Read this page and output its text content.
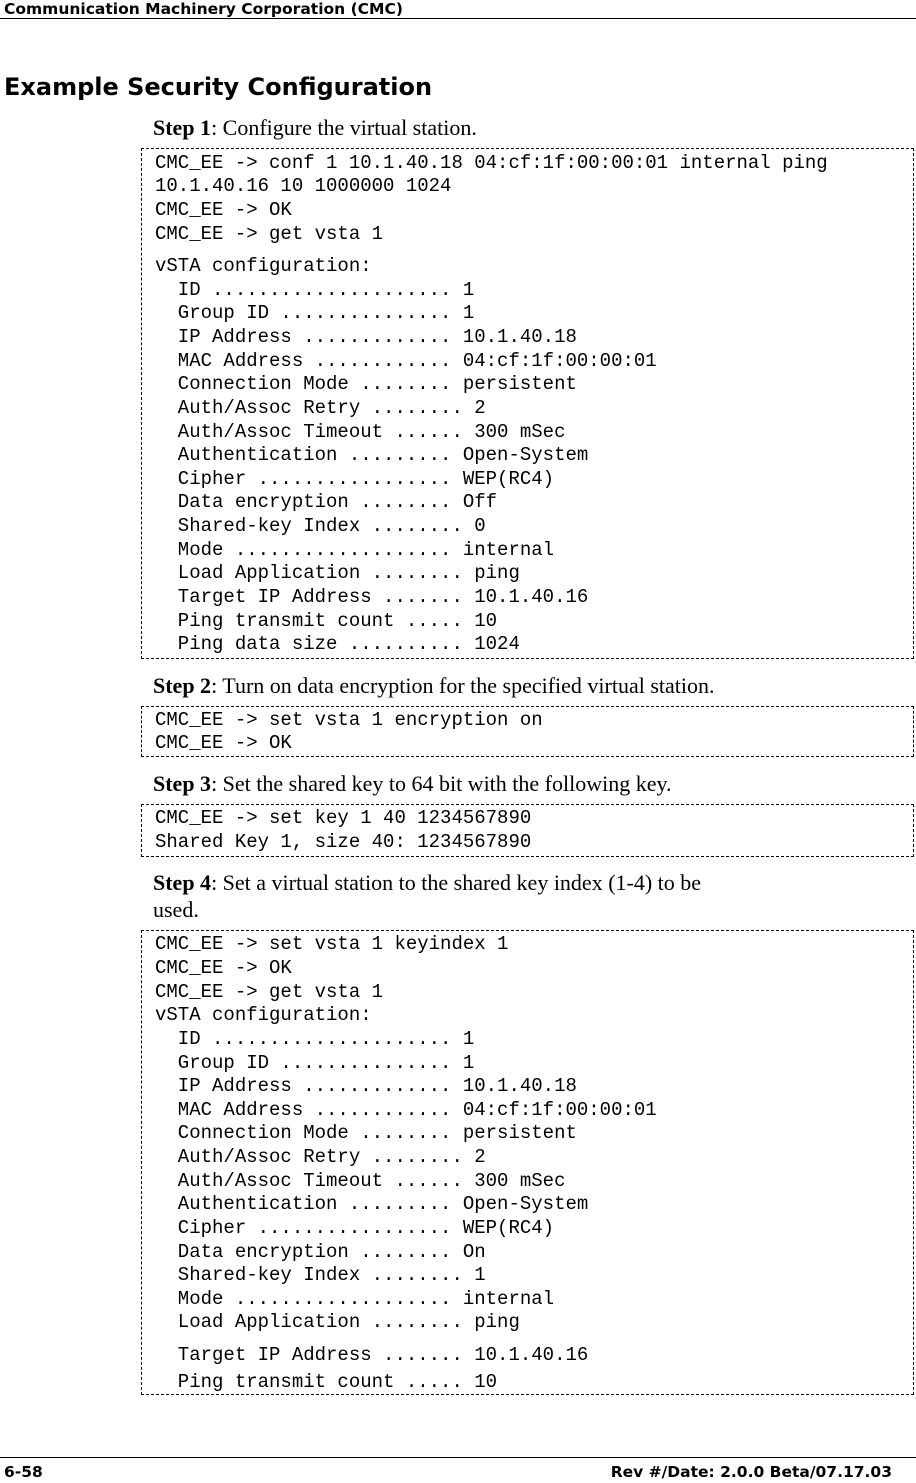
Communication Machinery Corporation (CMC)
Example Security Configuration
Step 1: Configure the virtual station.
CMC_EE -> conf 1 10.1.40.18 04:cf:1f:00:00:01 internal ping
10.1.40.16 10 1000000 1024
CMC_EE -> OK
CMC_EE -> get vsta 1
vSTA configuration:
ID ..................... 1
Group ID ............... 1
IP Address ............. 10.1.40.18
MAC Address ............ 04:cf:1f:00:00:01
Connection Mode ........ persistent
Auth/Assoc Retry ........ 2
Auth/Assoc Timeout ...... 300 mSec
Authentication ......... Open-System
Cipher ................. WEP(RC4)
Data encryption ........ Off
Shared-key Index ........ 0
Mode ................... internal
Load Application ........ ping
Target IP Address ....... 10.1.40.16
Ping transmit count ..... 10
Ping data size .......... 1024
Step 2: Turn on data encryption for the specified virtual station.
CMC_EE -> set vsta 1 encryption on
CMC_EE -> OK
Step 3: Set the shared key to 64 bit with the following key.
CMC_EE -> set key 1 40 1234567890
Shared Key 1, size 40: 1234567890
Step 4: Set a virtual station to the shared key index (1-4) to be
used.
CMC_EE -> set vsta 1 keyindex 1
CMC_EE -> OK
CMC_EE -> get vsta 1
vSTA configuration:
ID ..................... 1
Group ID ............... 1
IP Address ............. 10.1.40.18
MAC Address ............ 04:cf:1f:00:00:01
Connection Mode ........ persistent
Auth/Assoc Retry ........ 2
Auth/Assoc Timeout ...... 300 mSec
Authentication ......... Open-System
Cipher ................. WEP(RC4)
Data encryption ........ On
Shared-key Index ........ 1
Mode ................... internal
Load Application ........ ping
Target IP Address ....... 10.1.40.16
Ping transmit count ..... 10
6-58	Rev #/Date: 2.0.0 Beta/07.17.03
